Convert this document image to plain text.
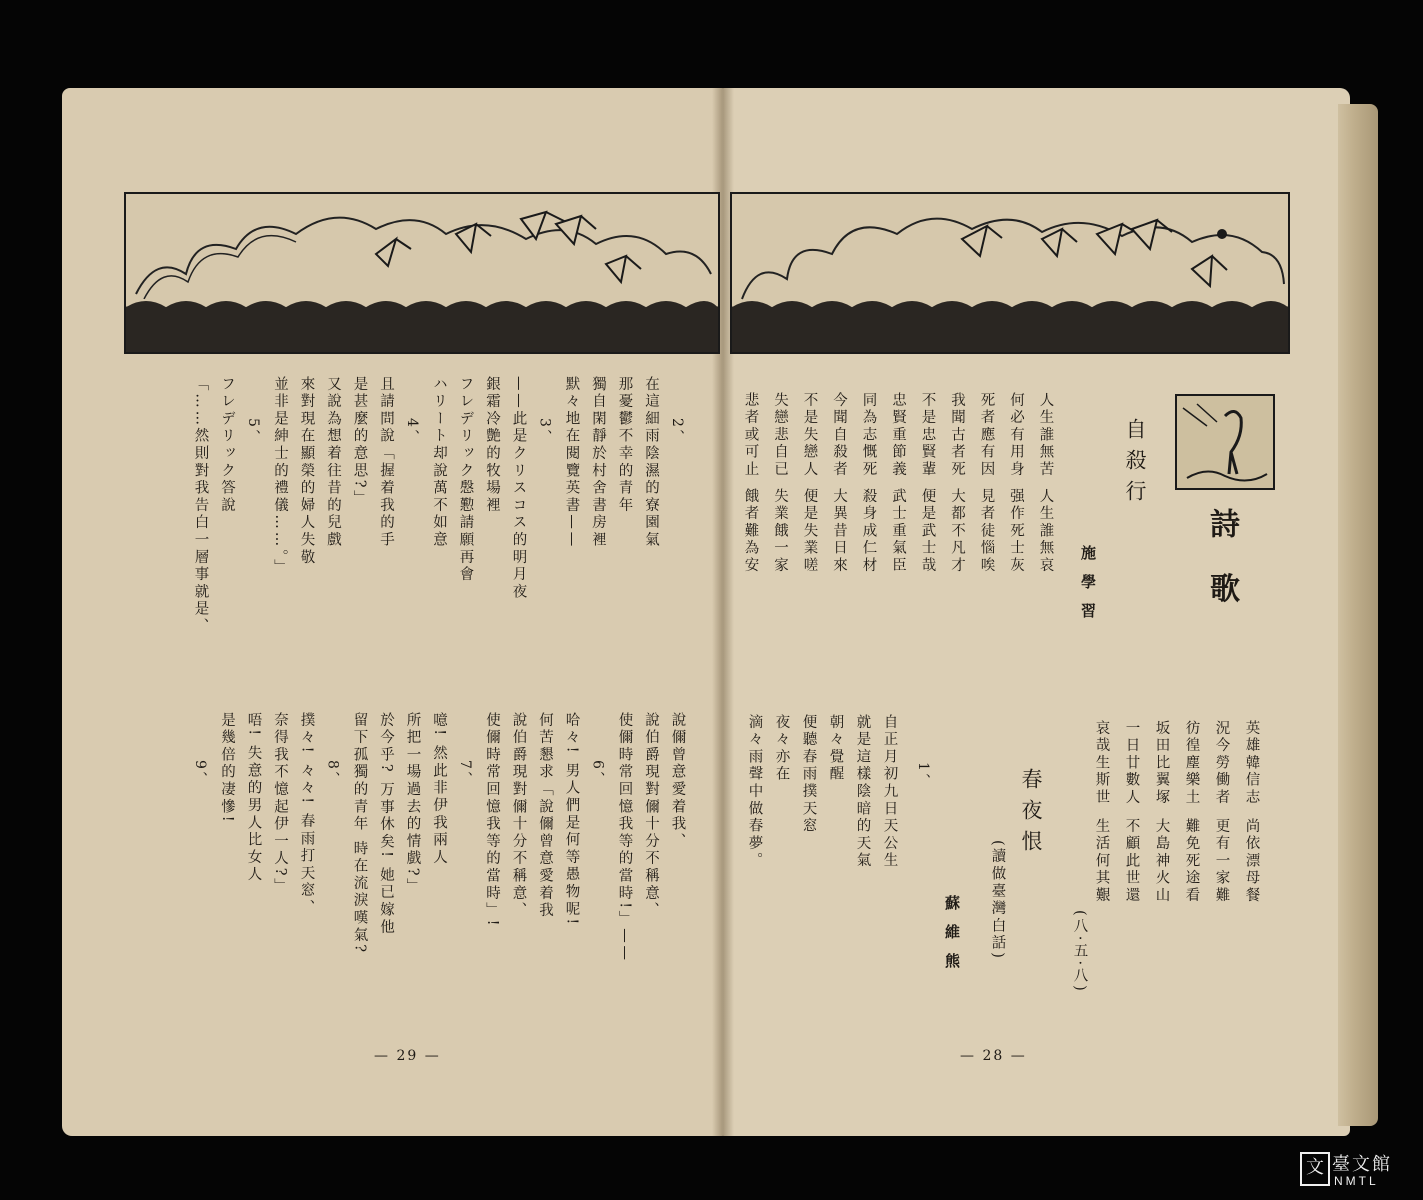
詩 歌
自殺行
施學習
人生誰無苦
何必有用身
死者應有因
我聞古者死
不是忠賢輩
忠賢重節義
同為志慨死
今聞自殺者
不是失戀人
失戀悲自已
悲者或可止
人生誰無哀
强作死士灰
見者徒惱唉
大都不凡才
便是武士哉
武士重氣臣
殺身成仁材
大異昔日來
便是失業嗟
失業餓一家
餓者難為安
英雄韓信志
況今勞働者
彷徨塵樂土
坂田比翼塚
一日廿數人
哀哉生斯世
尚依漂母餐
更有一家難
難免死途看
大島神火山
不顧此世還
生活何其艱
(八·五·八)
春夜恨
(讀做臺灣白話)
蘇維熊
1、
自正月初九日天公生
就是這樣陰暗的天氣
朝々覺醒
便聽春雨撲天窓
夜々亦在
滴々雨聲中做春夢。
2、
在這細雨陰濕的寮園氣
那憂鬱不幸的青年
獨自閑靜於村舍書房裡
默々地在閱覽英書——
3、
——此是クリスコス的明月夜
銀霜冷艶的牧場裡
フレデリック慇懃請願再會
ハリート却說萬不如意
4、
且請問說「握着我的手
是甚麼的意思?」
又說為想着往昔的兒戲
來對現在顯榮的婦人失敬
並非是紳士的禮儀……。」
5、
フレデリック答說
「……然則對我告白一層事就是、
說儞曾意愛着我、
說伯爵現對儞十分不稱意、
使儞時常回憶我等的當時!」——
6、
哈々! 男人們是何等愚物呢!
何苦懇求「說儞曾意愛着我
說伯爵現對儞十分不稱意、
使儞時常回憶我等的當時」!
7、
噫! 然此非伊我兩人
所把一場過去的情戲?」
於今乎? 万事休矣! 她已嫁他
留下孤獨的青年 時在流淚嘆氣?
8、
撲々! 々々! 春雨打天窓、
奈得我不憶起伊一人?」
唔! 失意的男人比女人
是幾倍的凄慘!
9、
— 29 —	— 28 —
文 臺文館
NMTL
